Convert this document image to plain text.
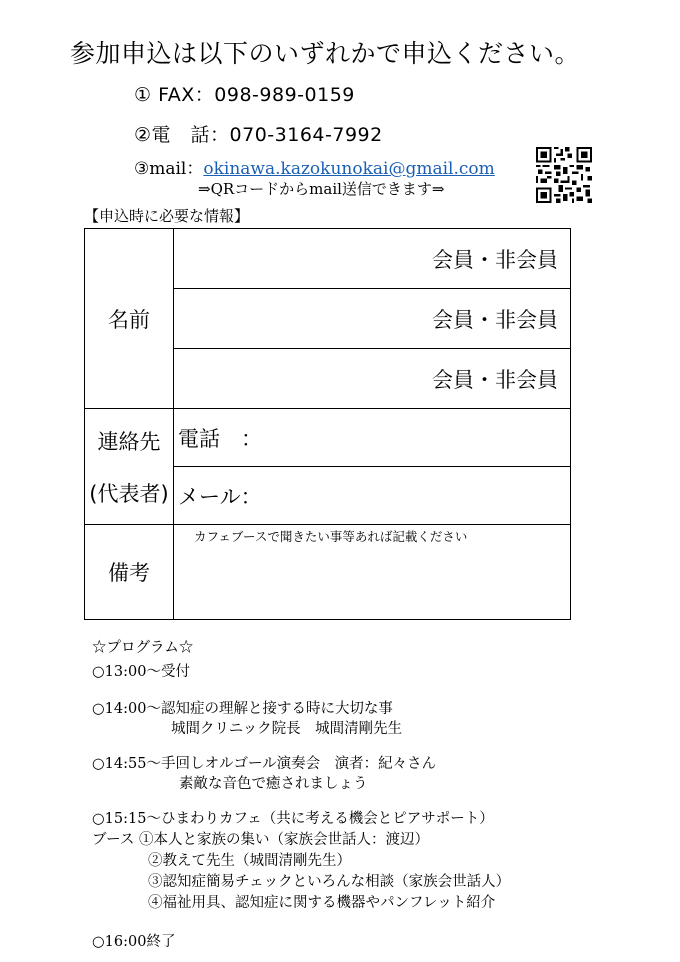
参加申込は以下のいずれかで申込ください。
① FAX：098-989-0159
②電　話：070-3164-7992
③mail：okinawa.kazokunokai@gmail.com
⇒QRコードからmail送信できます⇒
【申込時に必要な情報】
名前	会員・非会員
	会員・非会員
	会員・非会員

連絡先
(代表者)	電話　：
	メール：
備考	カフェブースで聞きたい事等あれば記載ください
☆プログラム☆
○13:00～受付
○14:00～認知症の理解と接する時に大切な事
城間クリニック院長　城間清剛先生
○14:55～手回しオルゴール演奏会　演者：紀々さん
素敵な音色で癒されましょう
○15:15～ひまわりカフェ（共に考える機会とピアサポート）
ブース ①本人と家族の集い（家族会世話人：渡辺）
②教えて先生（城間清剛先生）
③認知症簡易チェックといろんな相談（家族会世話人）
④福祉用具、認知症に関する機器やパンフレット紹介
○16:00終了
